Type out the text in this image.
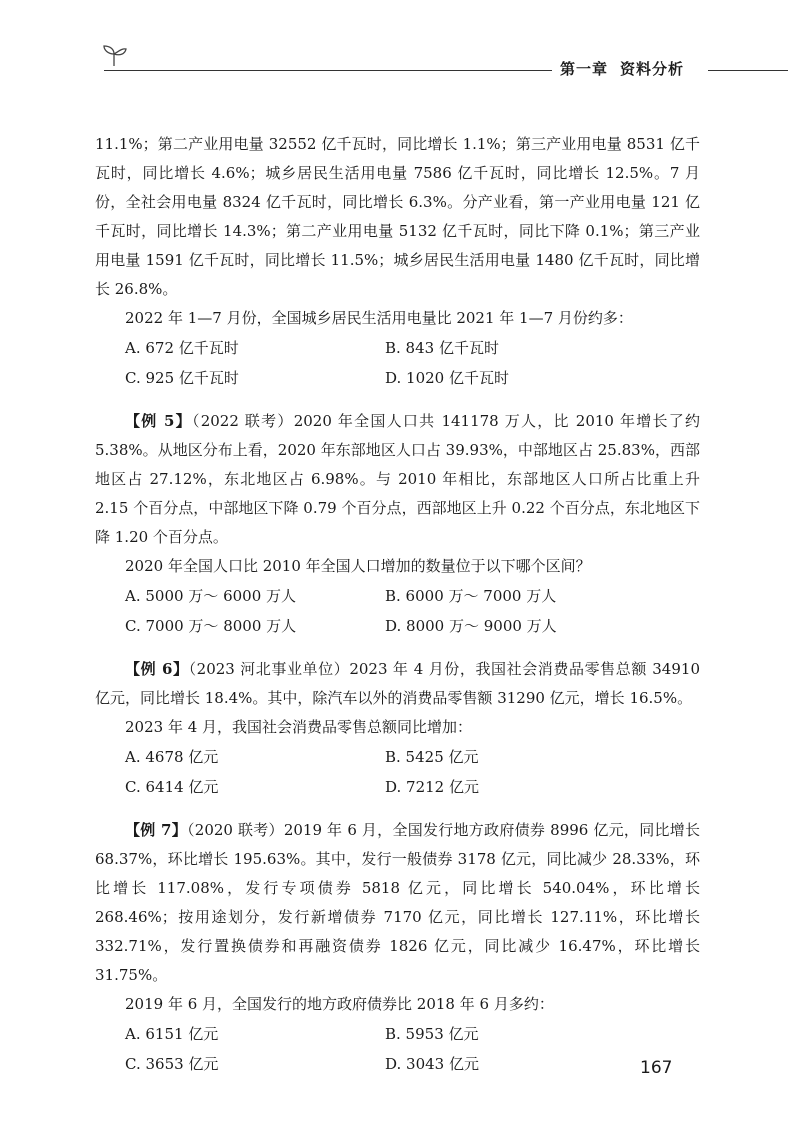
第一章 资料分析

11.1%；第二产业用电量 32552 亿千瓦时，同比增长 1.1%；第三产业用电量 8531 亿千瓦时，同比增长 4.6%；城乡居民生活用电量 7586 亿千瓦时，同比增长 12.5%。7 月份，全社会用电量 8324 亿千瓦时，同比增长 6.3%。分产业看，第一产业用电量 121 亿千瓦时，同比增长 14.3%；第二产业用电量 5132 亿千瓦时，同比下降 0.1%；第三产业用电量 1591 亿千瓦时，同比增长 11.5%；城乡居民生活用电量 1480 亿千瓦时，同比增长 26.8%。

2022 年 1—7 月份，全国城乡居民生活用电量比 2021 年 1—7 月份约多：

A. 672 亿千瓦时	B. 843 亿千瓦时
C. 925 亿千瓦时	D. 1020 亿千瓦时

【例 5】（2022 联考）2020 年全国人口共 141178 万人，比 2010 年增长了约 5.38%。从地区分布上看，2020 年东部地区人口占 39.93%，中部地区占 25.83%，西部地区占 27.12%，东北地区占 6.98%。与 2010 年相比，东部地区人口所占比重上升 2.15 个百分点，中部地区下降 0.79 个百分点，西部地区上升 0.22 个百分点，东北地区下降 1.20 个百分点。

2020 年全国人口比 2010 年全国人口增加的数量位于以下哪个区间？

A. 5000 万～ 6000 万人	B. 6000 万～ 7000 万人
C. 7000 万～ 8000 万人	D. 8000 万～ 9000 万人

【例 6】（2023 河北事业单位）2023 年 4 月份，我国社会消费品零售总额 34910 亿元，同比增长 18.4%。其中，除汽车以外的消费品零售额 31290 亿元，增长 16.5%。

2023 年 4 月，我国社会消费品零售总额同比增加：

A. 4678 亿元	B. 5425 亿元
C. 6414 亿元	D. 7212 亿元

【例 7】（2020 联考）2019 年 6 月，全国发行地方政府债券 8996 亿元，同比增长 68.37%，环比增长 195.63%。其中，发行一般债券 3178 亿元，同比减少 28.33%，环比增长 117.08%，发行专项债券 5818 亿元，同比增长 540.04%，环比增长 268.46%；按用途划分，发行新增债券 7170 亿元，同比增长 127.11%，环比增长 332.71%，发行置换债券和再融资债券 1826 亿元，同比减少 16.47%，环比增长 31.75%。

2019 年 6 月，全国发行的地方政府债券比 2018 年 6 月多约：

A. 6151 亿元	B. 5953 亿元
C. 3653 亿元	D. 3043 亿元	167
